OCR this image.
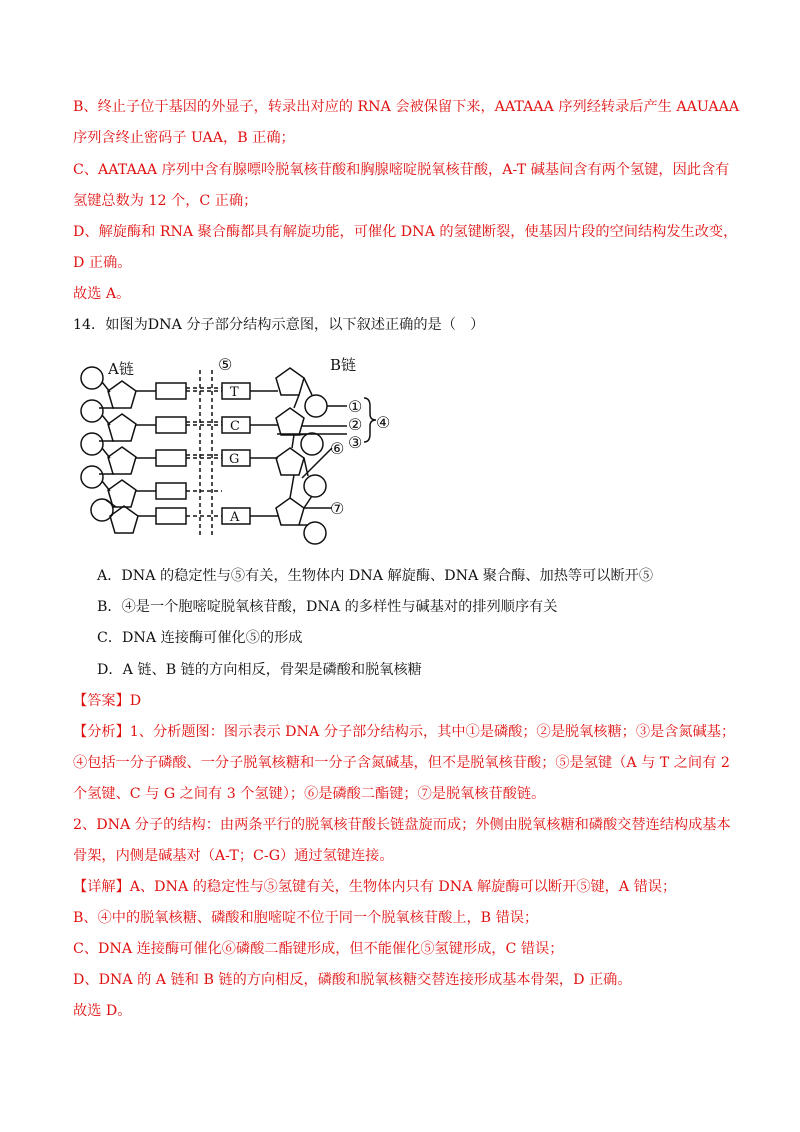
B、终止子位于基因的外显子，转录出对应的 RNA 会被保留下来，AATAAA 序列经转录后产生 AAUAAA
序列含终止密码子 UAA，B 正确；
C、AATAAA 序列中含有腺嘌呤脱氧核苷酸和胸腺嘧啶脱氧核苷酸，A-T 碱基间含有两个氢键，因此含有
氢键总数为 12 个，C 正确；
D、解旋酶和 RNA 聚合酶都具有解旋功能，可催化 DNA 的氢键断裂，使基因片段的空间结构发生改变，
D 正确。
故选 A。
14．如图为DNA 分子部分结构示意图，以下叙述正确的是（　）
A链	B链
⑤
①
②
③
④
⑥
⑦
T
C
G
A
A．DNA 的稳定性与⑤有关，生物体内 DNA 解旋酶、DNA 聚合酶、加热等可以断开⑤
B．④是一个胞嘧啶脱氧核苷酸，DNA 的多样性与碱基对的排列顺序有关
C．DNA 连接酶可催化⑤的形成
D．A 链、B 链的方向相反，骨架是磷酸和脱氧核糖
【答案】D
【分析】1、分析题图：图示表示 DNA 分子部分结构示，其中①是磷酸；②是脱氧核糖；③是含氮碱基；
④包括一分子磷酸、一分子脱氧核糖和一分子含氮碱基，但不是脱氧核苷酸；⑤是氢键（A 与 T 之间有 2
个氢键、C 与 G 之间有 3 个氢键）；⑥是磷酸二酯键；⑦是脱氧核苷酸链。
2、DNA 分子的结构：由两条平行的脱氧核苷酸长链盘旋而成；外侧由脱氧核糖和磷酸交替连结构成基本
骨架，内侧是碱基对（A-T；C-G）通过氢键连接。
【详解】A、DNA 的稳定性与⑤氢键有关，生物体内只有 DNA 解旋酶可以断开⑤键，A 错误；
B、④中的脱氧核糖、磷酸和胞嘧啶不位于同一个脱氧核苷酸上，B 错误；
C、DNA 连接酶可催化⑥磷酸二酯键形成，但不能催化⑤氢键形成，C 错误；
D、DNA 的 A 链和 B 链的方向相反，磷酸和脱氧核糖交替连接形成基本骨架，D 正确。
故选 D。
